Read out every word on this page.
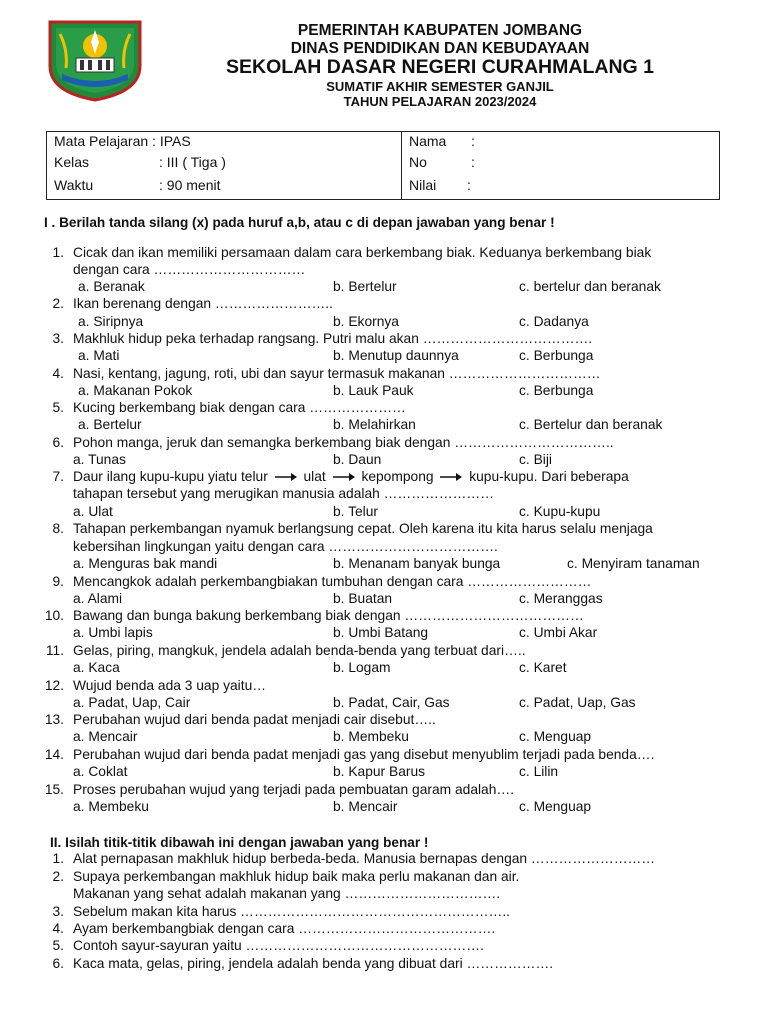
PEMERINTAH KABUPATEN JOMBANG
DINAS PENDIDIKAN DAN KEBUDAYAAN
SEKOLAH DASAR NEGERI CURAHMALANG 1
SUMATIF AKHIR SEMESTER GANJIL
TAHUN PELAJARAN 2023/2024
Mata Pelajaran : IPAS
Kelas	: III ( Tiga )
Waktu	: 90 menit
Nama :
No	:
Nilai :
I . Berilah tanda silang (x) pada huruf a,b, atau c di depan jawaban yang benar !
1. Cicak dan ikan memiliki persamaan dalam cara berkembang biak. Keduanya berkembang biak
dengan cara ……………………………
a. Beranak	b. Bertelur	c. bertelur dan beranak
2. Ikan berenang dengan ……………………..
a. Siripnya	b. Ekornya	c. Dadanya
3. Makhluk hidup peka terhadap rangsang. Putri malu akan ……………………………….
a. Mati	b. Menutup daunnya	c. Berbunga
4. Nasi, kentang, jagung, roti, ubi dan sayur termasuk makanan ……………………………
a. Makanan Pokok	b. Lauk Pauk	c. Berbunga
5. Kucing berkembang biak dengan cara …………………
a. Bertelur	b. Melahirkan	c. Bertelur dan beranak
6. Pohon manga, jeruk dan semangka berkembang biak dengan ……………………………..
a. Tunas	b. Daun	c. Biji
7. Daur ilang kupu-kupu yiatu telur	ulat	kepompong	kupu-kupu. Dari beberapa
tahapan tersebut yang merugikan manusia adalah ……………………
a. Ulat	b. Telur	c. Kupu-kupu
8. Tahapan perkembangan nyamuk berlangsung cepat. Oleh karena itu kita harus selalu menjaga
kebersihan lingkungan yaitu dengan cara ……………………………….
a. Menguras bak mandi	b. Menanam banyak bunga	c. Menyiram tanaman
9. Mencangkok adalah perkembangbiakan tumbuhan dengan cara ………………………
a. Alami	b. Buatan	c. Meranggas
10. Bawang dan bunga bakung berkembang biak dengan …………………………………
a. Umbi lapis	b. Umbi Batang	c. Umbi Akar
11. Gelas, piring, mangkuk, jendela adalah benda-benda yang terbuat dari…..
a. Kaca	b. Logam	c. Karet
12. Wujud benda ada 3 uap yaitu…
a. Padat, Uap, Cair	b. Padat, Cair, Gas	c. Padat, Uap, Gas
13. Perubahan wujud dari benda padat menjadi cair disebut…..
a. Mencair	b. Membeku	c. Menguap
14. Perubahan wujud dari benda padat menjadi gas yang disebut menyublim terjadi pada benda….
a. Coklat	b. Kapur Barus	c. Lilin
15. Proses perubahan wujud yang terjadi pada pembuatan garam adalah….
a. Membeku	b. Mencair	c. Menguap
II. Isilah titik-titik dibawah ini dengan jawaban yang benar !
1. Alat pernapasan makhluk hidup berbeda-beda. Manusia bernapas dengan ………………………
2. Supaya perkembangan makhluk hidup baik maka perlu makanan dan air.
Makanan yang sehat adalah makanan yang …………………………….
3. Sebelum makan kita harus …………………………………………………..
4. Ayam berkembangbiak dengan cara …………………………………….
5. Contoh sayur-sayuran yaitu …………………………………………….
6. Kaca mata, gelas, piring, jendela adalah benda yang dibuat dari ……………….
